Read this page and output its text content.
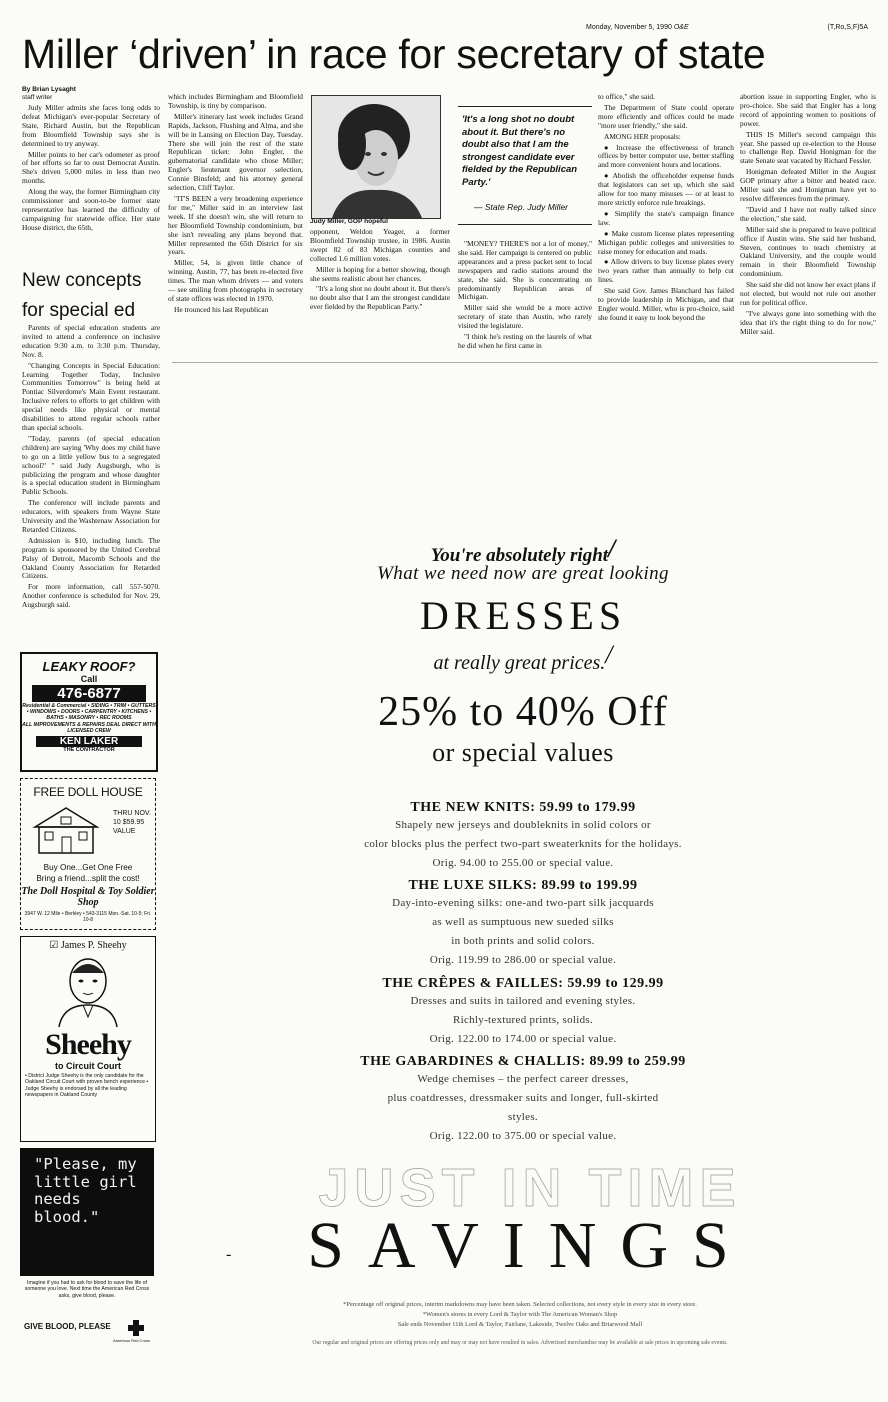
Monday, November 5, 1990 O&E	(T,Ro,S,F)5A
Miller ‘driven’ in race for secretary of state
By Brian Lysaght
staff writer

Judy Miller admits she faces long odds to defeat Michigan's ever-popular Secretary of State, Richard Austin, but the Republican from Bloomfield Township says she is determined to try anyway.

Miller points to her car's odometer as proof of her efforts so far to oust Democrat Austin. She's driven 5,000 miles in less than two months.

Along the way, the former Birmingham city commissioner and soon-to-be former state representative has learned the difficulty of campaigning for statewide office. Her state House district, the 65th,

New concepts
for special ed

Parents of special education students are invited to attend a conference on inclusive education 9:30 a.m. to 3:30 p.m. Thursday, Nov. 8.

"Changing Concepts in Special Education: Learning Together Today, Inclusive Communities Tomorrow" is being held at Pontiac Silverdome's Main Event restaurant. Inclusive refers to efforts to get children with special needs like physical or mental disabilities to attend regular schools rather than special schools.

"Today, parents (of special education children) are saying 'Why does my child have to go on a little yellow bus to a segregated school?' " said Judy Augsburgh, who is publicizing the program and whose daughter is a special education student in Birmingham Public Schools.

The conference will include parents and educators, with speakers from Wayne State University and the Washtenaw Association for Retarded Citizens.

Admission is $10, including lunch. The program is sponsored by the United Cerebral Palsy of Detroit, Macomb Schools and the Oakland County Association for Retarded Citizens.

For more information, call 557-5070. Another conference is scheduled for Nov. 29, Augsburgh said.

which includes Birmingham and Bloomfield Township, is tiny by comparison.

Miller's itinerary last week includes Grand Rapids, Jackson, Flushing and Alma, and she will be in Lansing on Election Day, Tuesday. There she will join the rest of the state Republican ticket: John Engler, the gubernatorial candidate who chose Miller; Engler's lieutenant governor selection, Connie Binsfeld; and his attorney general selection, Cliff Taylor.

"IT'S BEEN a very broadening experience for me," Miller said in an interview last week. If she doesn't win, she will return to her Bloomfield Township condominium, but she isn't revealing any plans beyond that. Miller represented the 65th District for six years.

Miller, 54, is given little chance of winning. Austin, 77, has been re-elected five times. The man whom drivers — and voters — see smiling from photographs in secretary of state offices was elected in 1970.

He trounced his last Republican

Judy Miller, GOP hopeful

opponent, Weldon Yeager, a former Bloomfield Township trustee, in 1986. Austin swept 82 of 83 Michigan counties and collected 1.6 million votes.

Miller is hoping for a better showing, though she seems realistic about her chances.

"It's a long shot no doubt about it. But there's no doubt also that I am the strongest candidate ever fielded by the Republican Party."

'It's a long shot no doubt about it. But there's no doubt also that I am the strongest candidate ever fielded by the Republican Party.'
— State Rep. Judy Miller

"MONEY? THERE'S not a lot of money," she said. Her campaign is centered on public appearances and a press packet sent to local newspapers and radio stations around the state, she said. She is concentrating on predominantly Republican areas of Michigan.

Miller said she would be a more active secretary of state than Austin, who rarely visited the legislature.

"I think he's resting on the laurels of what he did when he first came in

to office," she said.

The Department of State could operate more efficiently and offices could be made "more user friendly," she said.

AMONG HER proposals:

● Increase the effectiveness of branch offices by better computer use, better staffing and more convenient hours and locations.

● Abolish the officeholder expense funds that legislators can set up, which she said allow for too many misuses — or at least to more strictly enforce rule breakings.

● Simplify the state's campaign finance law.

● Make custom license plates representing Michigan public colleges and universities to raise money for education and roads.

● Allow drivers to buy license plates every two years rather than annually to help cut lines.

She said Gov. James Blanchard has failed to provide leadership in Michigan, and that Engler would. Miller, who is pro-choice, said she found it easy to look beyond the

abortion issue in supporting Engler, who is pro-choice. She said that Engler has a long record of appointing women to positions of power.

THIS IS Miller's second campaign this year. She passed up re-election to the House to challenge Rep. David Honigman for the state Senate seat vacated by Richard Fessler.

Honigman defeated Miller in the August GOP primary after a bitter and heated race. Miller said she and Honigman have yet to resolve differences from the primary.

"David and I have not really talked since the election," she said.

Miller said she is prepared to leave political office if Austin wins. She said her husband, Steven, continues to teach chemistry at Oakland University, and the couple would remain in their Bloomfield Township condominium.

She said she did not know her exact plans if not elected, but would not rule out another run for political office.

"I've always gone into something with the idea that it's the right thing to do for now," Miller said.

LEAKY ROOF?
Call
476-6877
Residential & Commercial • SIDING • TRIM • GUTTERS • WINDOWS • DOORS • CARPENTRY • KITCHENS • BATHS • MASONRY • REC ROOMS
ALL IMPROVEMENTS & REPAIRS DEAL DIRECT WITH LICENSED CREW
KEN LAKER
THE CONTRACTOR
FREE DOLL HOUSE
THRU NOV. 10 $59.95 VALUE
Buy One...Get One Free
Bring a friend...split the cost!
The Doll Hospital & Toy Soldier Shop
3947 W. 12 Mile • Berkley • 543-3115 Mon.-Sat. 10-5; Fri. 10-8
☑ James P. Sheehy
Sheehy
to Circuit Court
• District Judge Sheehy is the only candidate for the Oakland Circuit Court with proven bench experience • Judge Sheehy is endorsed by all the leading newspapers in Oakland County
"Please, my little girl needs blood."
Imagine if you had to ask for blood to save the life of someone you love. Next time the American Red Cross asks, give blood, please.
GIVE BLOOD, PLEASE
American Red Cross
You're absolutely right/
What we need now are great looking
DRESSES
at really great prices./
25% to 40% Off
or special values
THE NEW KNITS: 59.99 to 179.99
Shapely new jerseys and doubleknits in solid colors or
color blocks plus the perfect two-part sweaterknits for the holidays.
Orig. 94.00 to 255.00 or special value.
THE LUXE SILKS: 89.99 to 199.99
Day-into-evening silks: one-and two-part silk jacquards
as well as sumptuous new sueded silks
in both prints and solid colors.
Orig. 119.99 to 286.00 or special value.
THE CRÊPES & FAILLES: 59.99 to 129.99
Dresses and suits in tailored and evening styles.
Richly-textured prints, solids.
Orig. 122.00 to 174.00 or special value.
THE GABARDINES & CHALLIS: 89.99 to 259.99
Wedge chemises – the perfect career dresses,
plus coatdresses, dressmaker suits and longer, full-skirted
styles.
Orig. 122.00 to 375.00 or special value.
JUST IN TIME
-	SAVINGS
*Percentage off original prices, interim markdowns may have been taken. Selected collections, not every style in every size in every store.
*Women's stores in every Lord & Taylor with The American Woman's Shop
Sale ends November 11th Lord & Taylor, Fairlane, Lakeside, Twelve Oaks and Briarwood Mall
Our regular and original prices are offering prices only and may or may not have resulted in sales. Advertised merchandise may be available at sale prices in upcoming sale events.
